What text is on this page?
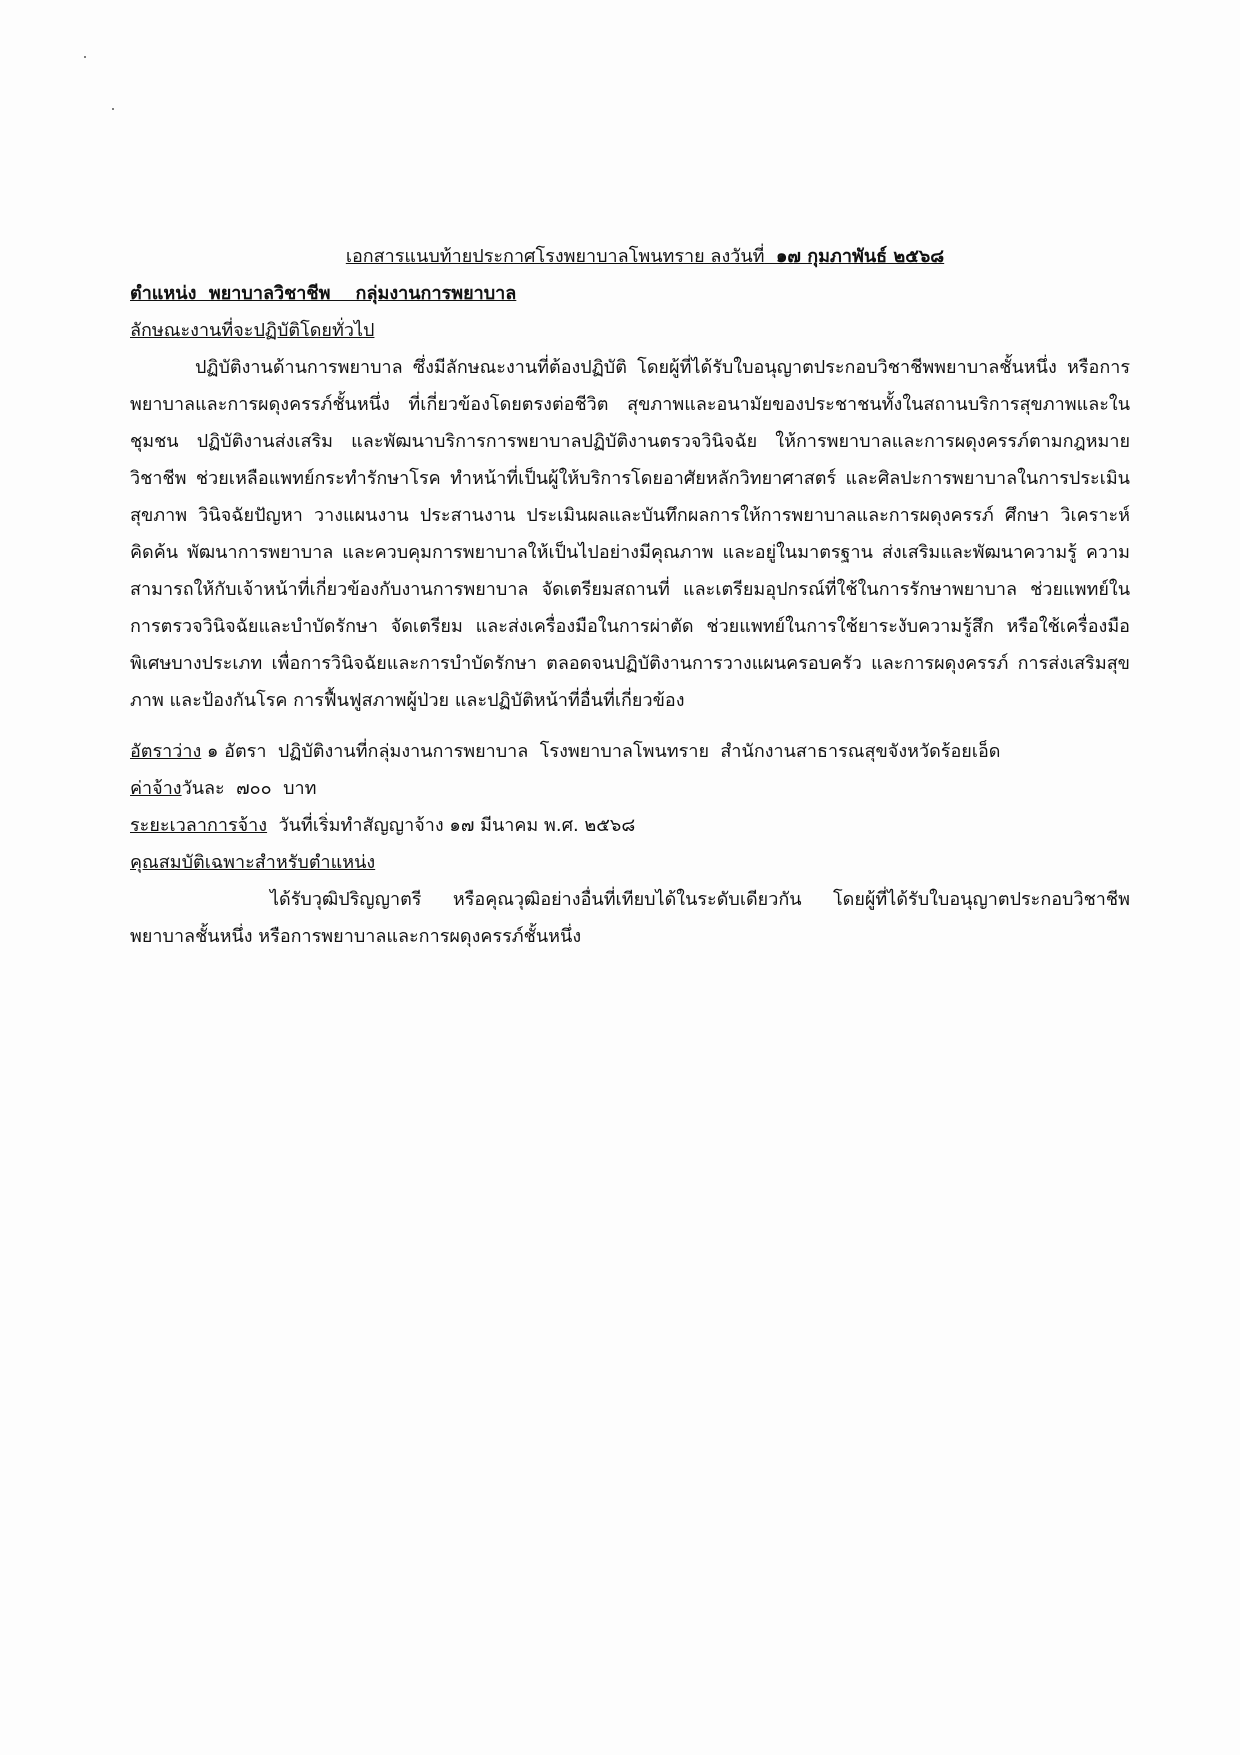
เอกสารแนบท้ายประกาศโรงพยาบาลโพนทราย ลงวันที่ ๑๗ กุมภาพันธ์ ๒๕๖๘

ตำแหน่ง  พยาบาลวิชาชีพ    กลุ่มงานการพยาบาล

ลักษณะงานที่จะปฏิบัติโดยทั่วไป

ปฏิบัติงานด้านการพยาบาล ซึ่งมีลักษณะงานที่ต้องปฏิบัติ โดยผู้ที่ได้รับใบอนุญาตประกอบวิชาชีพพยาบาลชั้นหนึ่ง หรือการพยาบาลและการผดุงครรภ์ชั้นหนึ่ง ที่เกี่ยวข้องโดยตรงต่อชีวิต สุขภาพและอนามัยของประชาชนทั้งในสถานบริการสุขภาพและในชุมชน ปฏิบัติงานส่งเสริม และพัฒนาบริการการพยาบาลปฏิบัติงานตรวจวินิจฉัย ให้การพยาบาลและการผดุงครรภ์ตามกฎหมายวิชาชีพ ช่วยเหลือแพทย์กระทำรักษาโรค ทำหน้าที่เป็นผู้ให้บริการโดยอาศัยหลักวิทยาศาสตร์ และศิลปะการพยาบาลในการประเมินสุขภาพ วินิจฉัยปัญหา วางแผนงาน ประสานงาน ประเมินผลและบันทึกผลการให้การพยาบาลและการผดุงครรภ์ ศึกษา วิเคราะห์ คิดค้น พัฒนาการพยาบาล และควบคุมการพยาบาลให้เป็นไปอย่างมีคุณภาพ และอยู่ในมาตรฐาน ส่งเสริมและพัฒนาความรู้ ความสามารถให้กับเจ้าหน้าที่เกี่ยวข้องกับงานการพยาบาล จัดเตรียมสถานที่ และเตรียมอุปกรณ์ที่ใช้ในการรักษาพยาบาล ช่วยแพทย์ในการตรวจวินิจฉัยและบำบัดรักษา จัดเตรียม และส่งเครื่องมือในการผ่าตัด ช่วยแพทย์ในการใช้ยาระงับความรู้สึก หรือใช้เครื่องมือพิเศษบางประเภท เพื่อการวินิจฉัยและการบำบัดรักษา ตลอดจนปฏิบัติงานการวางแผนครอบครัว และการผดุงครรภ์ การส่งเสริมสุขภาพ และป้องกันโรค การฟื้นฟูสภาพผู้ป่วย และปฏิบัติหน้าที่อื่นที่เกี่ยวข้อง

อัตราว่าง ๑ อัตรา  ปฏิบัติงานที่กลุ่มงานการพยาบาล  โรงพยาบาลโพนทราย  สำนักงานสาธารณสุขจังหวัดร้อยเอ็ด

ค่าจ้างวันละ  ๗๐๐  บาท

ระยะเวลาการจ้าง  วันที่เริ่มทำสัญญาจ้าง ๑๗ มีนาคม พ.ศ. ๒๕๖๘

คุณสมบัติเฉพาะสำหรับตำแหน่ง

ได้รับวุฒิปริญญาตรี หรือคุณวุฒิอย่างอื่นที่เทียบได้ในระดับเดียวกัน โดยผู้ที่ได้รับใบอนุญาตประกอบวิชาชีพพยาบาลชั้นหนึ่ง หรือการพยาบาลและการผดุงครรภ์ชั้นหนึ่ง
